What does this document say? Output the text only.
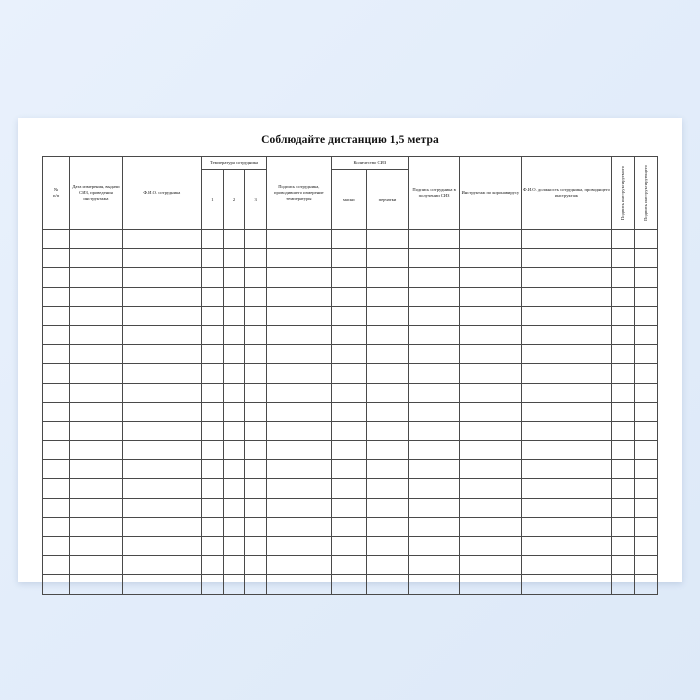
Соблюдайте дистанцию 1,5 метра
№
п/п	Дата измерения, выдачи СИЗ, проведения инструктажа	Ф.И.О. сотрудника	Температура сотрудника			Подпись сотрудника, проводившего измерение температуры	Количество СИЗ		Подпись сотрудника в получении СИЗ	Инструктаж по коронавирусу	Ф.И.О. должность сотрудника, проводящего инструктаж	Подпись инструктируемого	Подпись инструктирующего

			1	2	3		маски	перчатки					
